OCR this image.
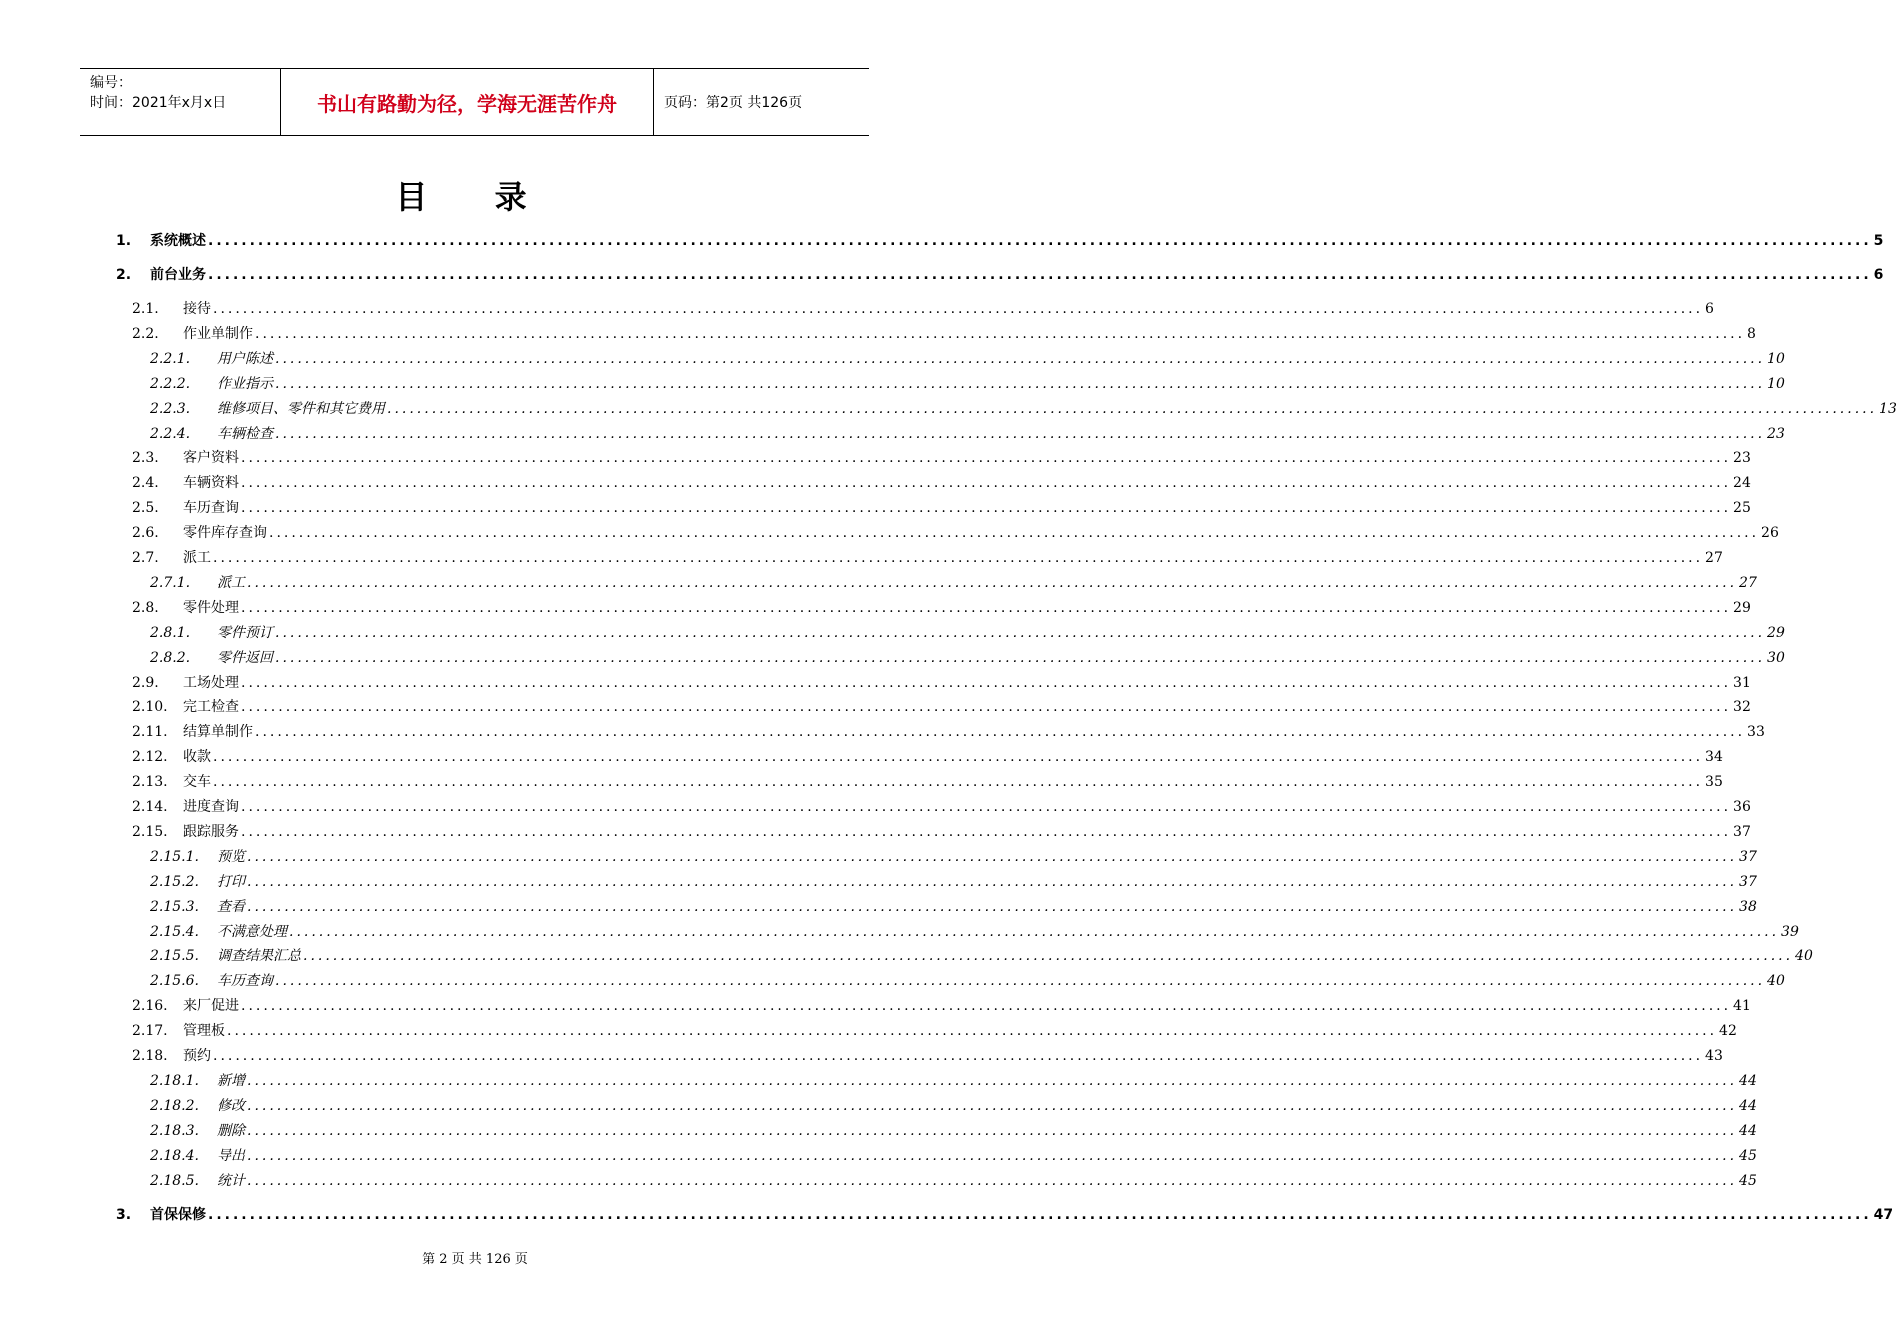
编号：
时间：2021年x月x日	书山有路勤为径，学海无涯苦作舟	页码：第2页 共126页
目 录
1.	系统概述 ........................................................................................................................................................................................................ 5
2.	前台业务 ........................................................................................................................................................................................................ 6
2.1.	接待 ........................................................................................................................................................................................................ 6
2.2.	作业单制作 ........................................................................................................................................................................................................ 8
2.2.1.	用户陈述 ........................................................................................................................................................................................................ 10
2.2.2.	作业指示 ........................................................................................................................................................................................................ 10
2.2.3.	维修项目、零件和其它费用 ........................................................................................................................................................................................................ 13
2.2.4.	车辆检查 ........................................................................................................................................................................................................ 23
2.3.	客户资料 ........................................................................................................................................................................................................ 23
2.4.	车辆资料 ........................................................................................................................................................................................................ 24
2.5.	车历查询 ........................................................................................................................................................................................................ 25
2.6.	零件库存查询 ........................................................................................................................................................................................................ 26
2.7.	派工 ........................................................................................................................................................................................................ 27
2.7.1.	派工 ........................................................................................................................................................................................................ 27
2.8.	零件处理 ........................................................................................................................................................................................................ 29
2.8.1.	零件预订 ........................................................................................................................................................................................................ 29
2.8.2.	零件返回 ........................................................................................................................................................................................................ 30
2.9.	工场处理 ........................................................................................................................................................................................................ 31
2.10.	完工检查 ........................................................................................................................................................................................................ 32
2.11.	结算单制作 ........................................................................................................................................................................................................ 33
2.12.	收款 ........................................................................................................................................................................................................ 34
2.13.	交车 ........................................................................................................................................................................................................ 35
2.14.	进度查询 ........................................................................................................................................................................................................ 36
2.15.	跟踪服务 ........................................................................................................................................................................................................ 37
2.15.1.	预览 ........................................................................................................................................................................................................ 37
2.15.2.	打印 ........................................................................................................................................................................................................ 37
2.15.3.	查看 ........................................................................................................................................................................................................ 38
2.15.4.	不满意处理 ........................................................................................................................................................................................................ 39
2.15.5.	调查结果汇总 ........................................................................................................................................................................................................ 40
2.15.6.	车历查询 ........................................................................................................................................................................................................ 40
2.16.	来厂促进 ........................................................................................................................................................................................................ 41
2.17.	管理板 ........................................................................................................................................................................................................ 42
2.18.	预约 ........................................................................................................................................................................................................ 43
2.18.1.	新增 ........................................................................................................................................................................................................ 44
2.18.2.	修改 ........................................................................................................................................................................................................ 44
2.18.3.	删除 ........................................................................................................................................................................................................ 44
2.18.4.	导出 ........................................................................................................................................................................................................ 45
2.18.5.	统计 ........................................................................................................................................................................................................ 45
3.	首保保修 ........................................................................................................................................................................................................ 47
第 2 页 共 126 页
